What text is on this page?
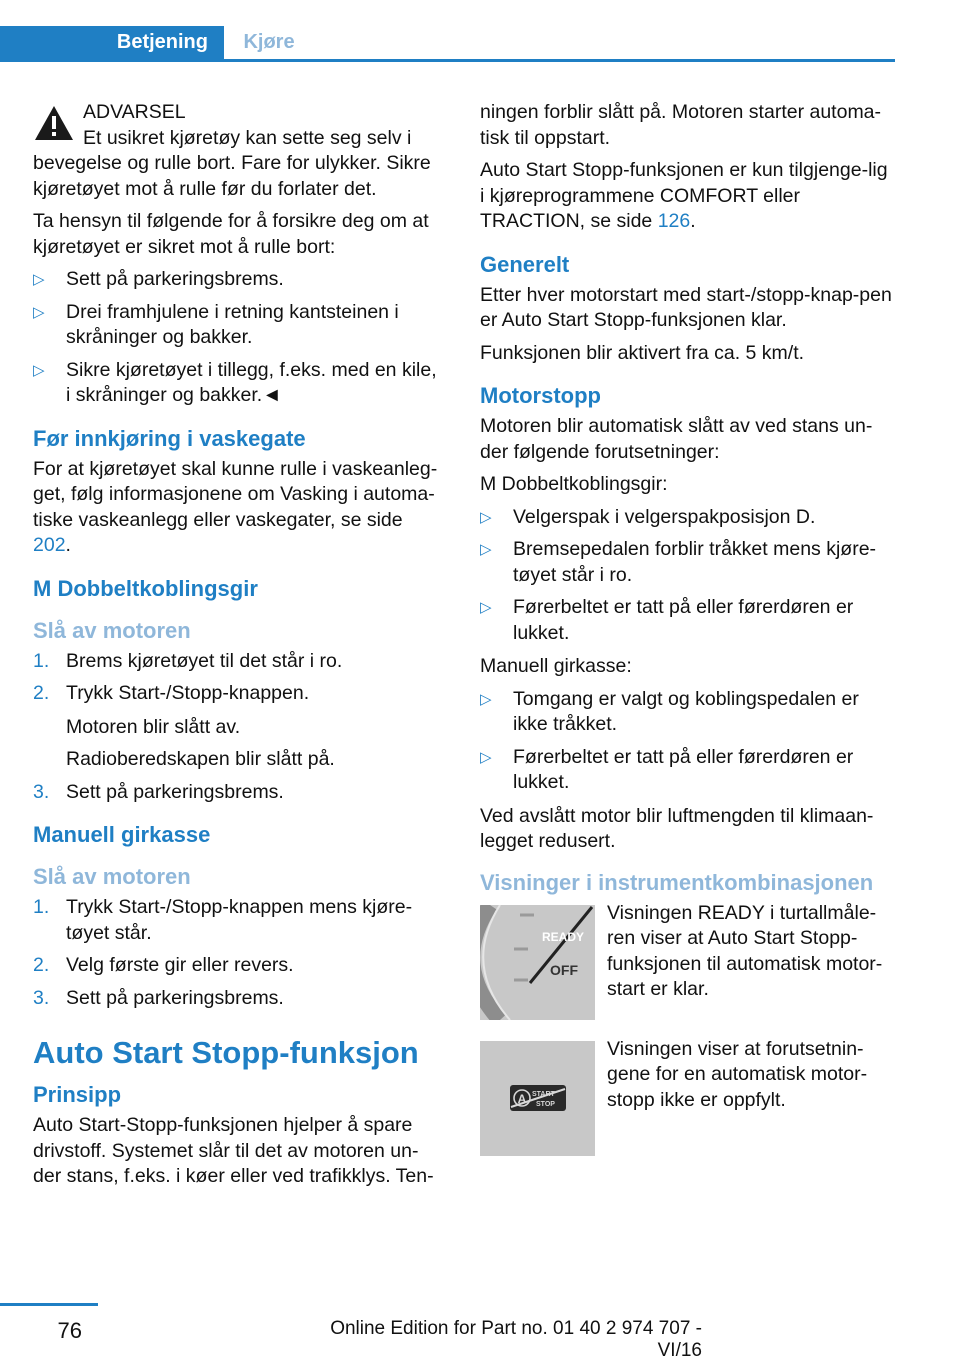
Betjening	Kjøre

ADVARSEL

Et usikret kjøretøy kan sette seg selv i

bevegelse og rulle bort. Fare for ulykker. Sikre kjøretøyet mot å rulle før du forlater det.

Ta hensyn til følgende for å forsikre deg om at kjøretøyet er sikret mot å rulle bort:

▷ Sett på parkeringsbrems.
▷ Drei framhjulene i retning kantsteinen i skråninger og bakker.
▷ Sikre kjøretøyet i tillegg, f.eks. med en kile, i skråninger og bakker.◄
Før innkjøring i vaskegate

For at kjøretøyet skal kunne rulle i vaskeanleg-get, følg informasjonene om Vasking i automa-tiske vaskeanlegg eller vaskegater, se side 202.

M Dobbeltkoblingsgir
Slå av motoren
1. Brems kjøretøyet til det står i ro.
2. Trykk Start-/Stopp-knappen.

Motoren blir slått av.

Radioberedskapen blir slått på.

3. Sett på parkeringsbrems.
Manuell girkasse
Slå av motoren
1. Trykk Start-/Stopp-knappen mens kjøre-tøyet står.
2. Velg første gir eller revers.
3. Sett på parkeringsbrems.
Auto Start Stopp-funksjon
Prinsipp

Auto Start-Stopp-funksjonen hjelper å spare drivstoff. Systemet slår til det av motoren un-der stans, f.eks. i køer eller ved trafikklys. Ten-

ningen forblir slått på. Motoren starter automa-tisk til oppstart.

Auto Start Stopp-funksjonen er kun tilgjenge-lig i kjøreprogrammene COMFORT eller TRACTION, se side 126.

Generelt

Etter hver motorstart med start-/stopp-knap-pen er Auto Start Stopp-funksjonen klar.

Funksjonen blir aktivert fra ca. 5 km/t.

Motorstopp

Motoren blir automatisk slått av ved stans un-der følgende forutsetninger:

M Dobbeltkoblingsgir:

▷ Velgerspak i velgerspakposisjon D.
▷ Bremsepedalen forblir tråkket mens kjøre-tøyet står i ro.
▷ Førerbeltet er tatt på eller førerdøren er lukket.

Manuell girkasse:

▷ Tomgang er valgt og koblingspedalen er ikke tråkket.
▷ Førerbeltet er tatt på eller førerdøren er lukket.

Ved avslått motor blir luftmengden til klimaan-legget redusert.

Visninger i instrumentkombinasjonen
READY
OFF

Visningen READY i turtallmåle-ren viser at Auto Start Stopp-funksjonen til automatisk motor-start er klar.

A START
STOP

Visningen viser at forutsetnin-gene for en automatisk motor-stopp ikke er oppfylt.

76	Online Edition for Part no. 01 40 2 974 707 - VI/16
